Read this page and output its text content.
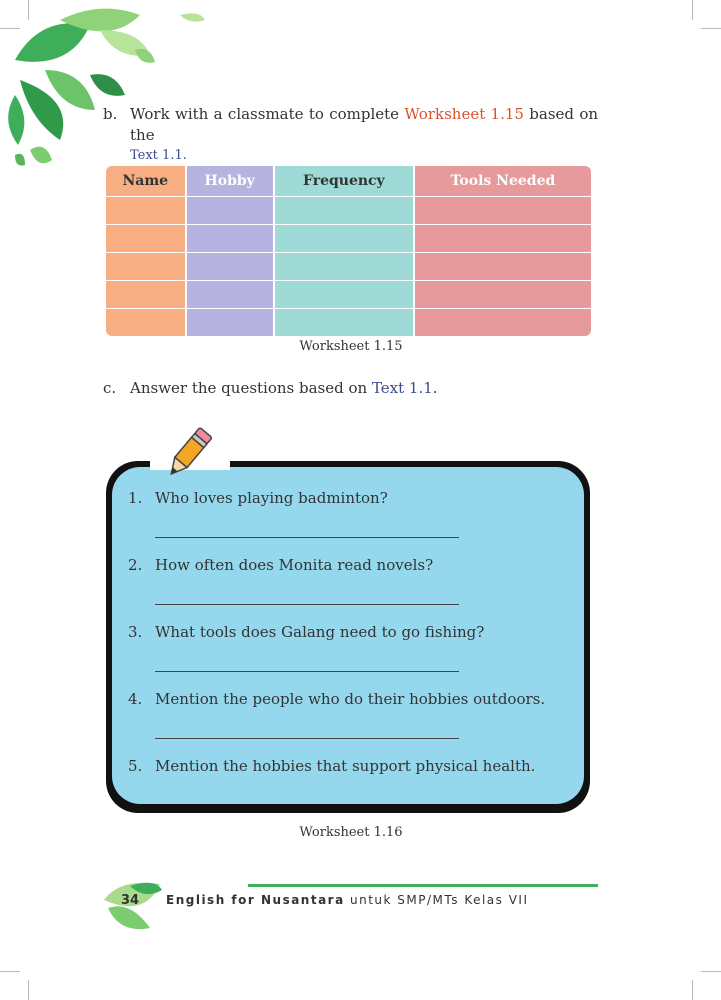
b. Work with a classmate to complete Worksheet 1.15 based on the
Text 1.1.
Name	Hobby	Frequency	Tools Needed

Worksheet 1.15
c. Answer the questions based on Text 1.1.
1. Who loves playing badminton?
2. How often does Monita read novels?
3. What tools does Galang need to go fishing?
4. Mention the people who do their hobbies outdoors.
5. Mention the hobbies that support physical health.
Worksheet 1.16
34 English for Nusantara untuk SMP/MTs Kelas VII
